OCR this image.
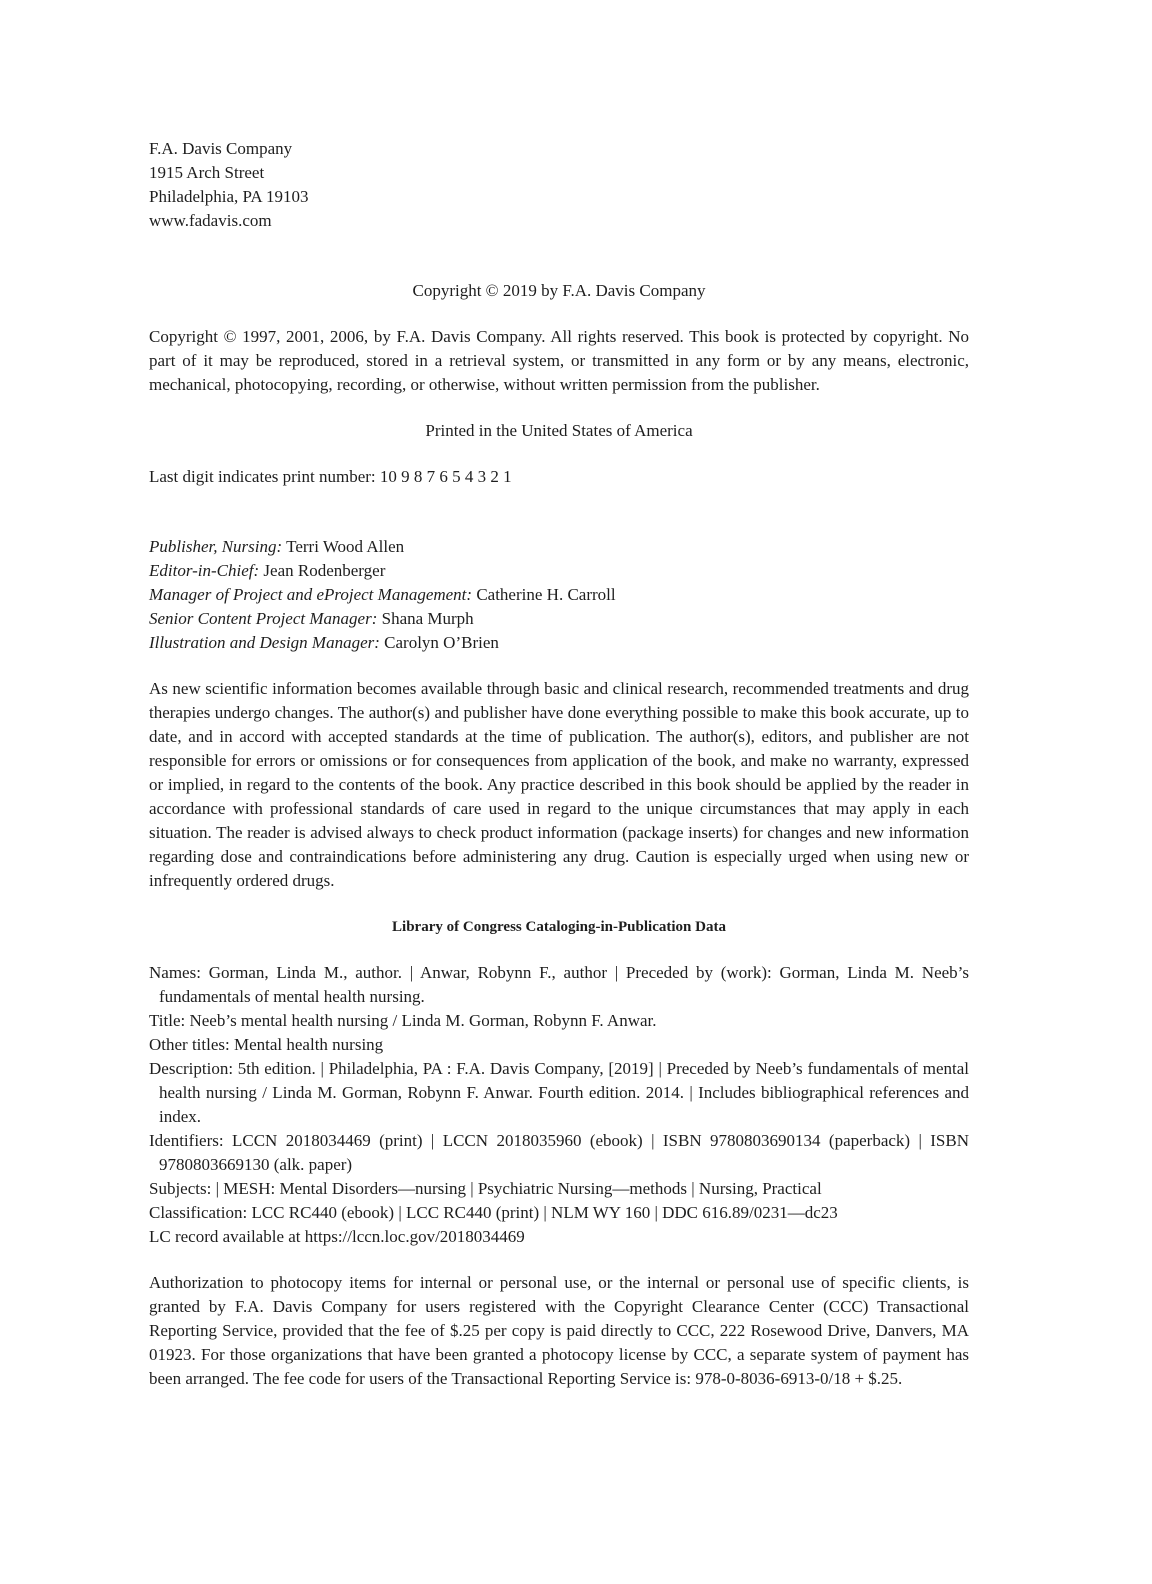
F.A. Davis Company
1915 Arch Street
Philadelphia, PA 19103
www.fadavis.com

Copyright © 2019 by F.A. Davis Company

Copyright © 1997, 2001, 2006, by F.A. Davis Company. All rights reserved. This book is protected by copyright. No part of it may be reproduced, stored in a retrieval system, or transmitted in any form or by any means, electronic, mechanical, photocopying, recording, or otherwise, without written permission from the publisher.

Printed in the United States of America

Last digit indicates print number: 10 9 8 7 6 5 4 3 2 1

Publisher, Nursing: Terri Wood Allen
Editor-in-Chief: Jean Rodenberger
Manager of Project and eProject Management: Catherine H. Carroll
Senior Content Project Manager: Shana Murph
Illustration and Design Manager: Carolyn O’Brien

As new scientific information becomes available through basic and clinical research, recommended treatments and drug therapies undergo changes. The author(s) and publisher have done everything possible to make this book accurate, up to date, and in accord with accepted standards at the time of publication. The author(s), editors, and publisher are not responsible for errors or omissions or for consequences from application of the book, and make no warranty, expressed or implied, in regard to the contents of the book. Any practice described in this book should be applied by the reader in accordance with professional standards of care used in regard to the unique circumstances that may apply in each situation. The reader is advised always to check product information (package inserts) for changes and new information regarding dose and contraindications before administering any drug. Caution is especially urged when using new or infrequently ordered drugs.

Library of Congress Cataloging-in-Publication Data

Names: Gorman, Linda M., author. | Anwar, Robynn F., author | Preceded by (work): Gorman, Linda M. Neeb’s fundamentals of mental health nursing.
Title: Neeb’s mental health nursing / Linda M. Gorman, Robynn F. Anwar.
Other titles: Mental health nursing
Description: 5th edition. | Philadelphia, PA : F.A. Davis Company, [2019] | Preceded by Neeb’s fundamentals of mental health nursing / Linda M. Gorman, Robynn F. Anwar. Fourth edition. 2014. | Includes bibliographical references and index.
Identifiers: LCCN 2018034469 (print) | LCCN 2018035960 (ebook) | ISBN 9780803690134 (paperback) | ISBN 9780803669130 (alk. paper)
Subjects: | MESH: Mental Disorders—nursing | Psychiatric Nursing—methods | Nursing, Practical
Classification: LCC RC440 (ebook) | LCC RC440 (print) | NLM WY 160 | DDC 616.89/0231—dc23
LC record available at https://lccn.loc.gov/2018034469

Authorization to photocopy items for internal or personal use, or the internal or personal use of specific clients, is granted by F.A. Davis Company for users registered with the Copyright Clearance Center (CCC) Transactional Reporting Service, provided that the fee of $.25 per copy is paid directly to CCC, 222 Rosewood Drive, Danvers, MA 01923. For those organizations that have been granted a photocopy license by CCC, a separate system of payment has been arranged. The fee code for users of the Transactional Reporting Service is: 978-0-8036-6913-0/18 + $.25.
